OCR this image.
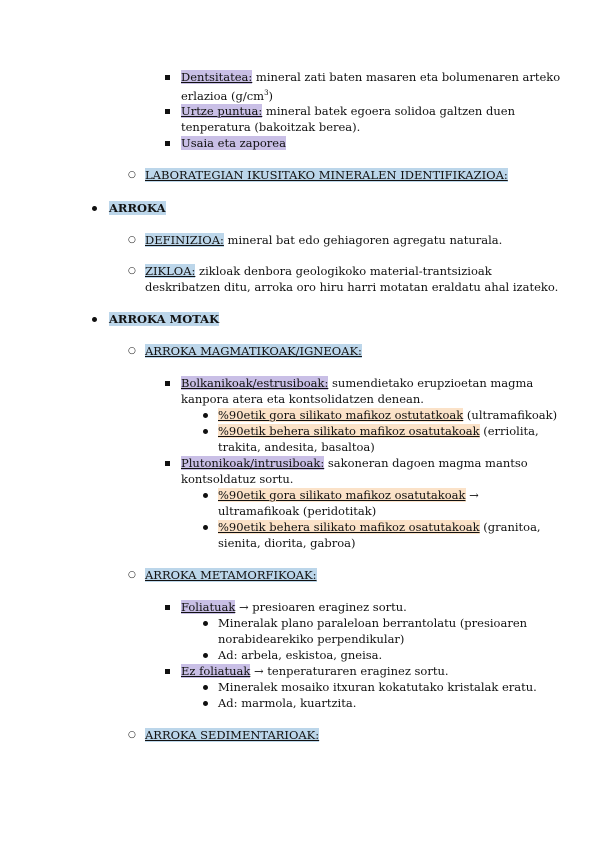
Dentsitatea: mineral zati baten masaren eta bolumenaren arteko
erlazioa $(g/cm^3)$
Urtze puntua: mineral batek egoera solidoa galtzen duen
tenperatura (bakoitzak berea).
Usaia eta zaporea
○ LABORATEGIAN IKUSITAKO MINERALEN IDENTIFIKAZIOA:
ARROKA
○ DEFINIZIOA: mineral bat edo gehiagoren agregatu naturala.
○ ZIKLOA: zikloak denbora geologikoko material-trantsizioak
deskribatzen ditu, arroka oro hiru harri motatan eraldatu ahal izateko.
ARROKA MOTAK
○ ARROKA MAGMATIKOAK/IGNEOAK:
Bolkanikoak/estrusiboak: sumendietako erupzioetan magma
kanpora atera eta kontsolidatzen denean.
%90etik gora silikato mafikoz ostutatkoak (ultramafikoak)
%90etik behera silikato mafikoz osatutakoak (erriolita,
trakita, andesita, basaltoa)
Plutonikoak/intrusiboak: sakoneran dagoen magma mantso
kontsoldatuz sortu.
%90etik gora silikato mafikoz osatutakoak →
ultramafikoak (peridotitak)
%90etik behera silikato mafikoz osatutakoak (granitoa,
sienita, diorita, gabroa)
○ ARROKA METAMORFIKOAK:
Foliatuak → presioaren eraginez sortu.
Mineralak plano paraleloan berrantolatu (presioaren
norabidearekiko perpendikular)
Ad: arbela, eskistoa, gneisa.
Ez foliatuak → tenperaturaren eraginez sortu.
Mineralek mosaiko itxuran kokatutako kristalak eratu.
Ad: marmola, kuartzita.
○ ARROKA SEDIMENTARIOAK:
